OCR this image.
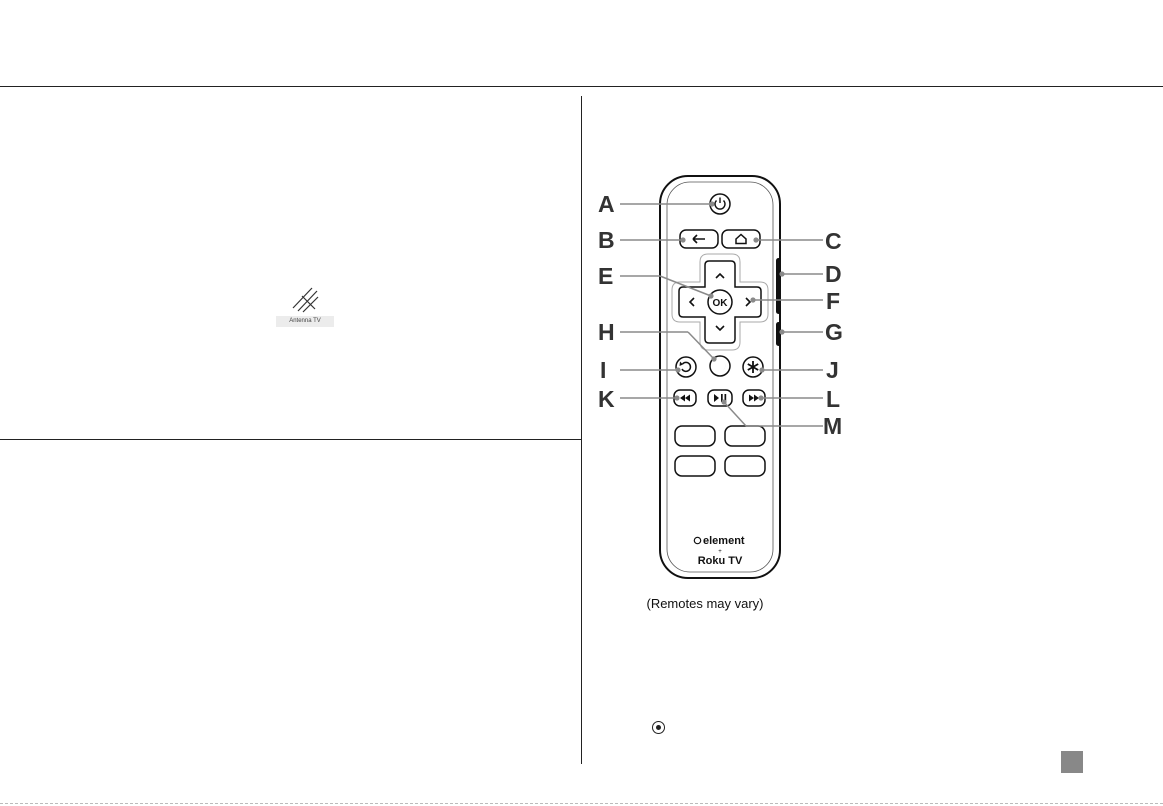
Antenna TV
OK
element
+
Roku TV
A
B	C
D
E
F
G
H
I	J
K	L
M
(Remotes may vary)
